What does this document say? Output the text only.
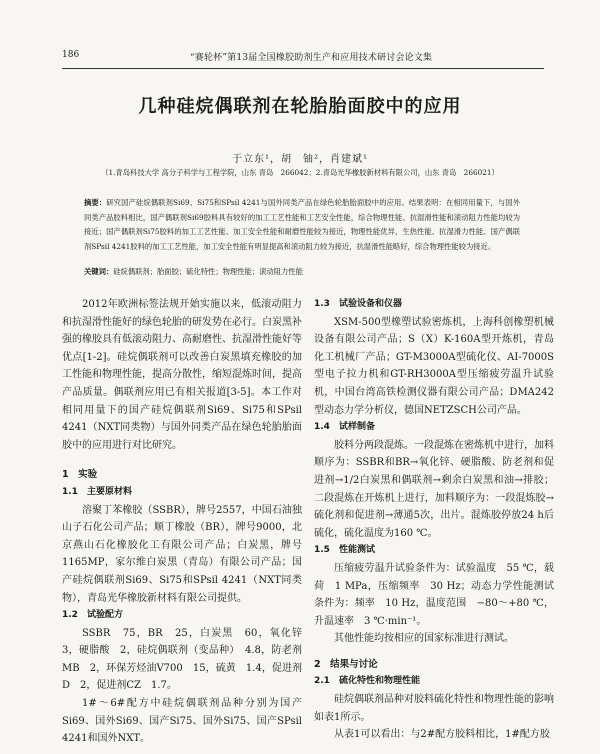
186	“赛轮杯”第13届全国橡胶助剂生产和应用技术研讨会论文集
几种硅烷偶联剂在轮胎胎面胶中的应用
于立东¹，胡　铀²，肖建斌¹
（1.青岛科技大学 高分子科学与工程学院，山东 青岛　266042；2.青岛光华橡胶新材料有限公司，山东 青岛　266021）
摘要：研究国产硅烷偶联剂Si69、Si75和SPsil 4241与国外同类产品在绿色轮胎胎面胶中的应用。结果表明：在相同用量下，与国外同类产品胶料相比，国产偶联剂Si69胶料具有较好的加工工艺性能和工艺安全性能，综合物理性能、抗湿滑性能和滚动阻力性能均较为接近；国产偶联剂Si75胶料的加工工艺性能、加工安全性能和耐磨性能较为接近，物理性能优异，生热性能、抗湿滑力性能、国产偶联剂SPsil 4241胶料的加工工艺性能，加工安全性能有明显提高和滚动阻力较为接近，抗湿滑性能略好，综合物理性能较为接近。
关键词：硅烷偶联剂；胎面胶；硫化特性；物理性能；滚动阻力性能

2012年欧洲标签法规开始实施以来，低滚动阻力和抗湿滑性能好的绿色轮胎的研发势在必行。白炭黑补强的橡胶具有低滚动阻力、高耐磨性、抗湿滑性能好等优点[1-2]。硅烷偶联剂可以改善白炭黑填充橡胶的加工性能和物理性能，提高分散性，缩短混炼时间，提高产品质量。偶联剂应用已有相关报道[3-5]。本工作对相同用量下的国产硅烷偶联剂Si69、Si75和SPsil 4241（NXT同类物）与国外同类产品在绿色轮胎胎面胶中的应用进行对比研究。

1　实验
1.1　主要原材料

溶聚丁苯橡胶（SSBR），牌号2557，中国石油独山子石化公司产品；顺丁橡胶（BR），牌号9000，北京燕山石化橡胶化工有限公司产品；白炭黑，牌号1165MP，家尔维白炭黑（青岛）有限公司产品；国产硅烷偶联剂Si69、Si75和SPsil 4241（NXT同类物），青岛光华橡胶新材料有限公司提供。

1.2　试验配方

SSBR　75，BR　25，白炭黑　60，氧化锌　3，硬脂酸　2，硅烷偶联剂（变品种）　4.8，防老剂MB　2，环保芳烃油V700　15，硫黄　1.4，促进剂D　2，促进剂CZ　1.7。

1#～6#配方中硅烷偶联剂品种分别为国产Si69、国外Si69、国产Si75、国外Si75、国产SPsil 4241和国外NXT。

1.3　试验设备和仪器

XSM-500型橡塑试验密炼机，上海科创橡塑机械设备有限公司产品；S（X）K-160A型开炼机，青岛化工机械厂产品；GT-M3000A型硫化仪、AI-7000S型电子拉力机和GT-RH3000A型压缩疲劳温升试验机，中国台湾高铁检测仪器有限公司产品；DMA242型动态力学分析仪，德国NETZSCH公司产品。

1.4　试样制备

胶料分两段混炼。一段混炼在密炼机中进行，加料顺序为：SSBR和BR→氧化锌、硬脂酸、防老剂和促进剂→1/2白炭黑和偶联剂→剩余白炭黑和油→排胶；二段混炼在开炼机上进行，加料顺序为：一段混炼胶→硫化剂和促进剂→薄通5次，出片。混炼胶停放24 h后硫化，硫化温度为160 ℃。

1.5　性能测试

压缩疲劳温升试验条件为：试验温度　55 ℃，载荷　1 MPa，压缩频率　30 Hz；动态力学性能测试条件为：频率　10 Hz，温度范围　−80～+80 ℃，升温速率　3 ℃·min⁻¹。

其他性能均按相应的国家标准进行测试。

2　结果与讨论
2.1　硫化特性和物理性能

硅烷偶联剂品种对胶料硫化特性和物理性能的影响如表1所示。

从表1可以看出：与2#配方胶料相比，1#配方胶
